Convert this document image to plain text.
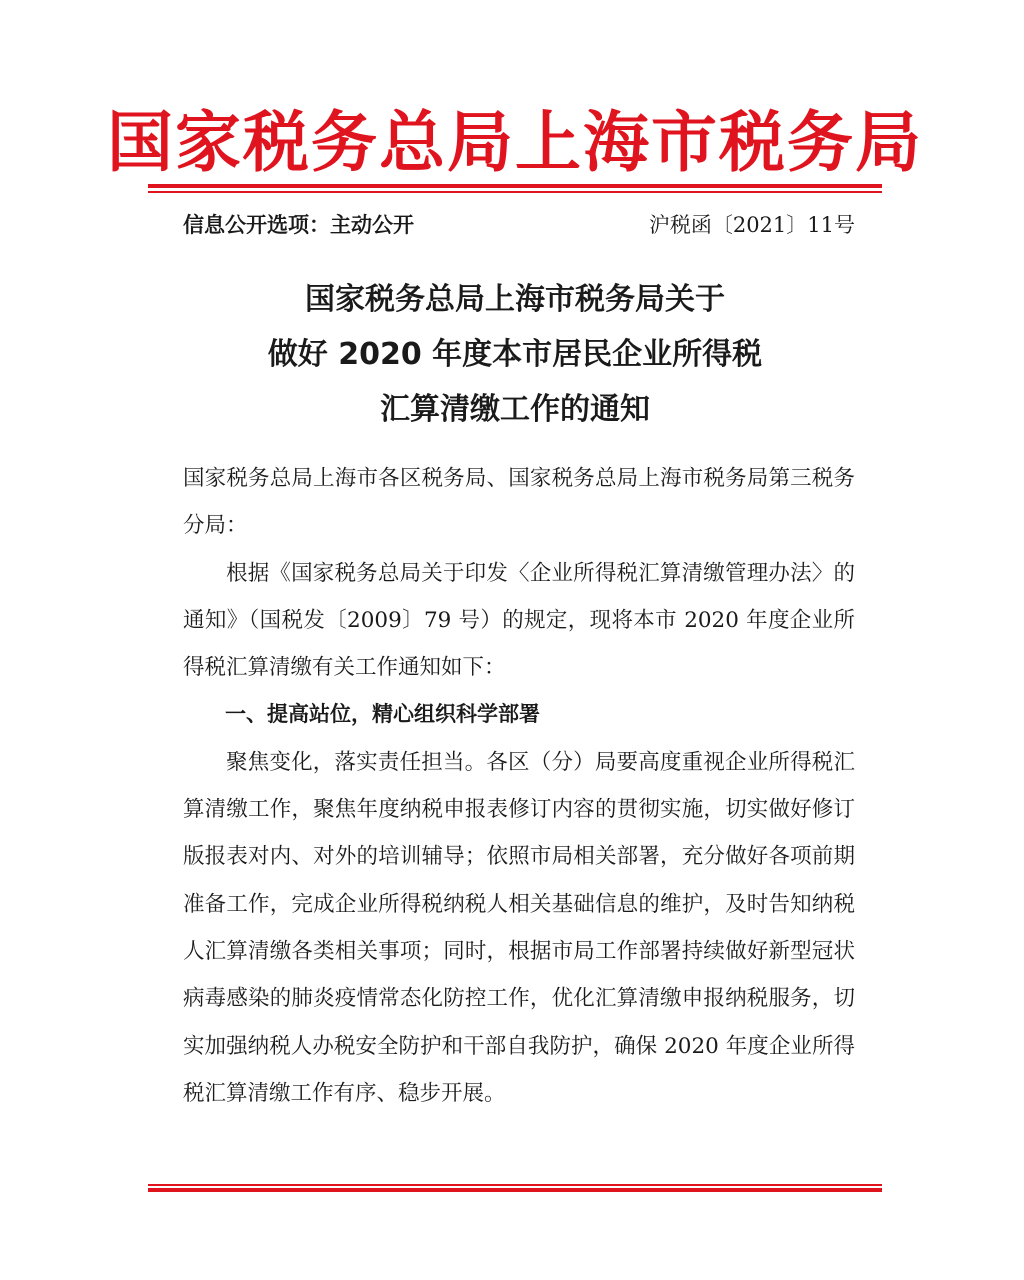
国家税务总局上海市税务局
信息公开选项：主动公开	沪税函〔2021〕11号
国家税务总局上海市税务局关于
做好 2020 年度本市居民企业所得税
汇算清缴工作的通知

国家税务总局上海市各区税务局、国家税务总局上海市税务局第三税务分局：

根据《国家税务总局关于印发〈企业所得税汇算清缴管理办法〉的通知》（国税发〔2009〕79 号）的规定，现将本市 2020 年度企业所得税汇算清缴有关工作通知如下：

一、提高站位，精心组织科学部署

聚焦变化，落实责任担当。各区（分）局要高度重视企业所得税汇算清缴工作，聚焦年度纳税申报表修订内容的贯彻实施，切实做好修订版报表对内、对外的培训辅导；依照市局相关部署，充分做好各项前期准备工作，完成企业所得税纳税人相关基础信息的维护，及时告知纳税人汇算清缴各类相关事项；同时，根据市局工作部署持续做好新型冠状病毒感染的肺炎疫情常态化防控工作，优化汇算清缴申报纳税服务，切实加强纳税人办税安全防护和干部自我防护，确保 2020 年度企业所得税汇算清缴工作有序、稳步开展。
